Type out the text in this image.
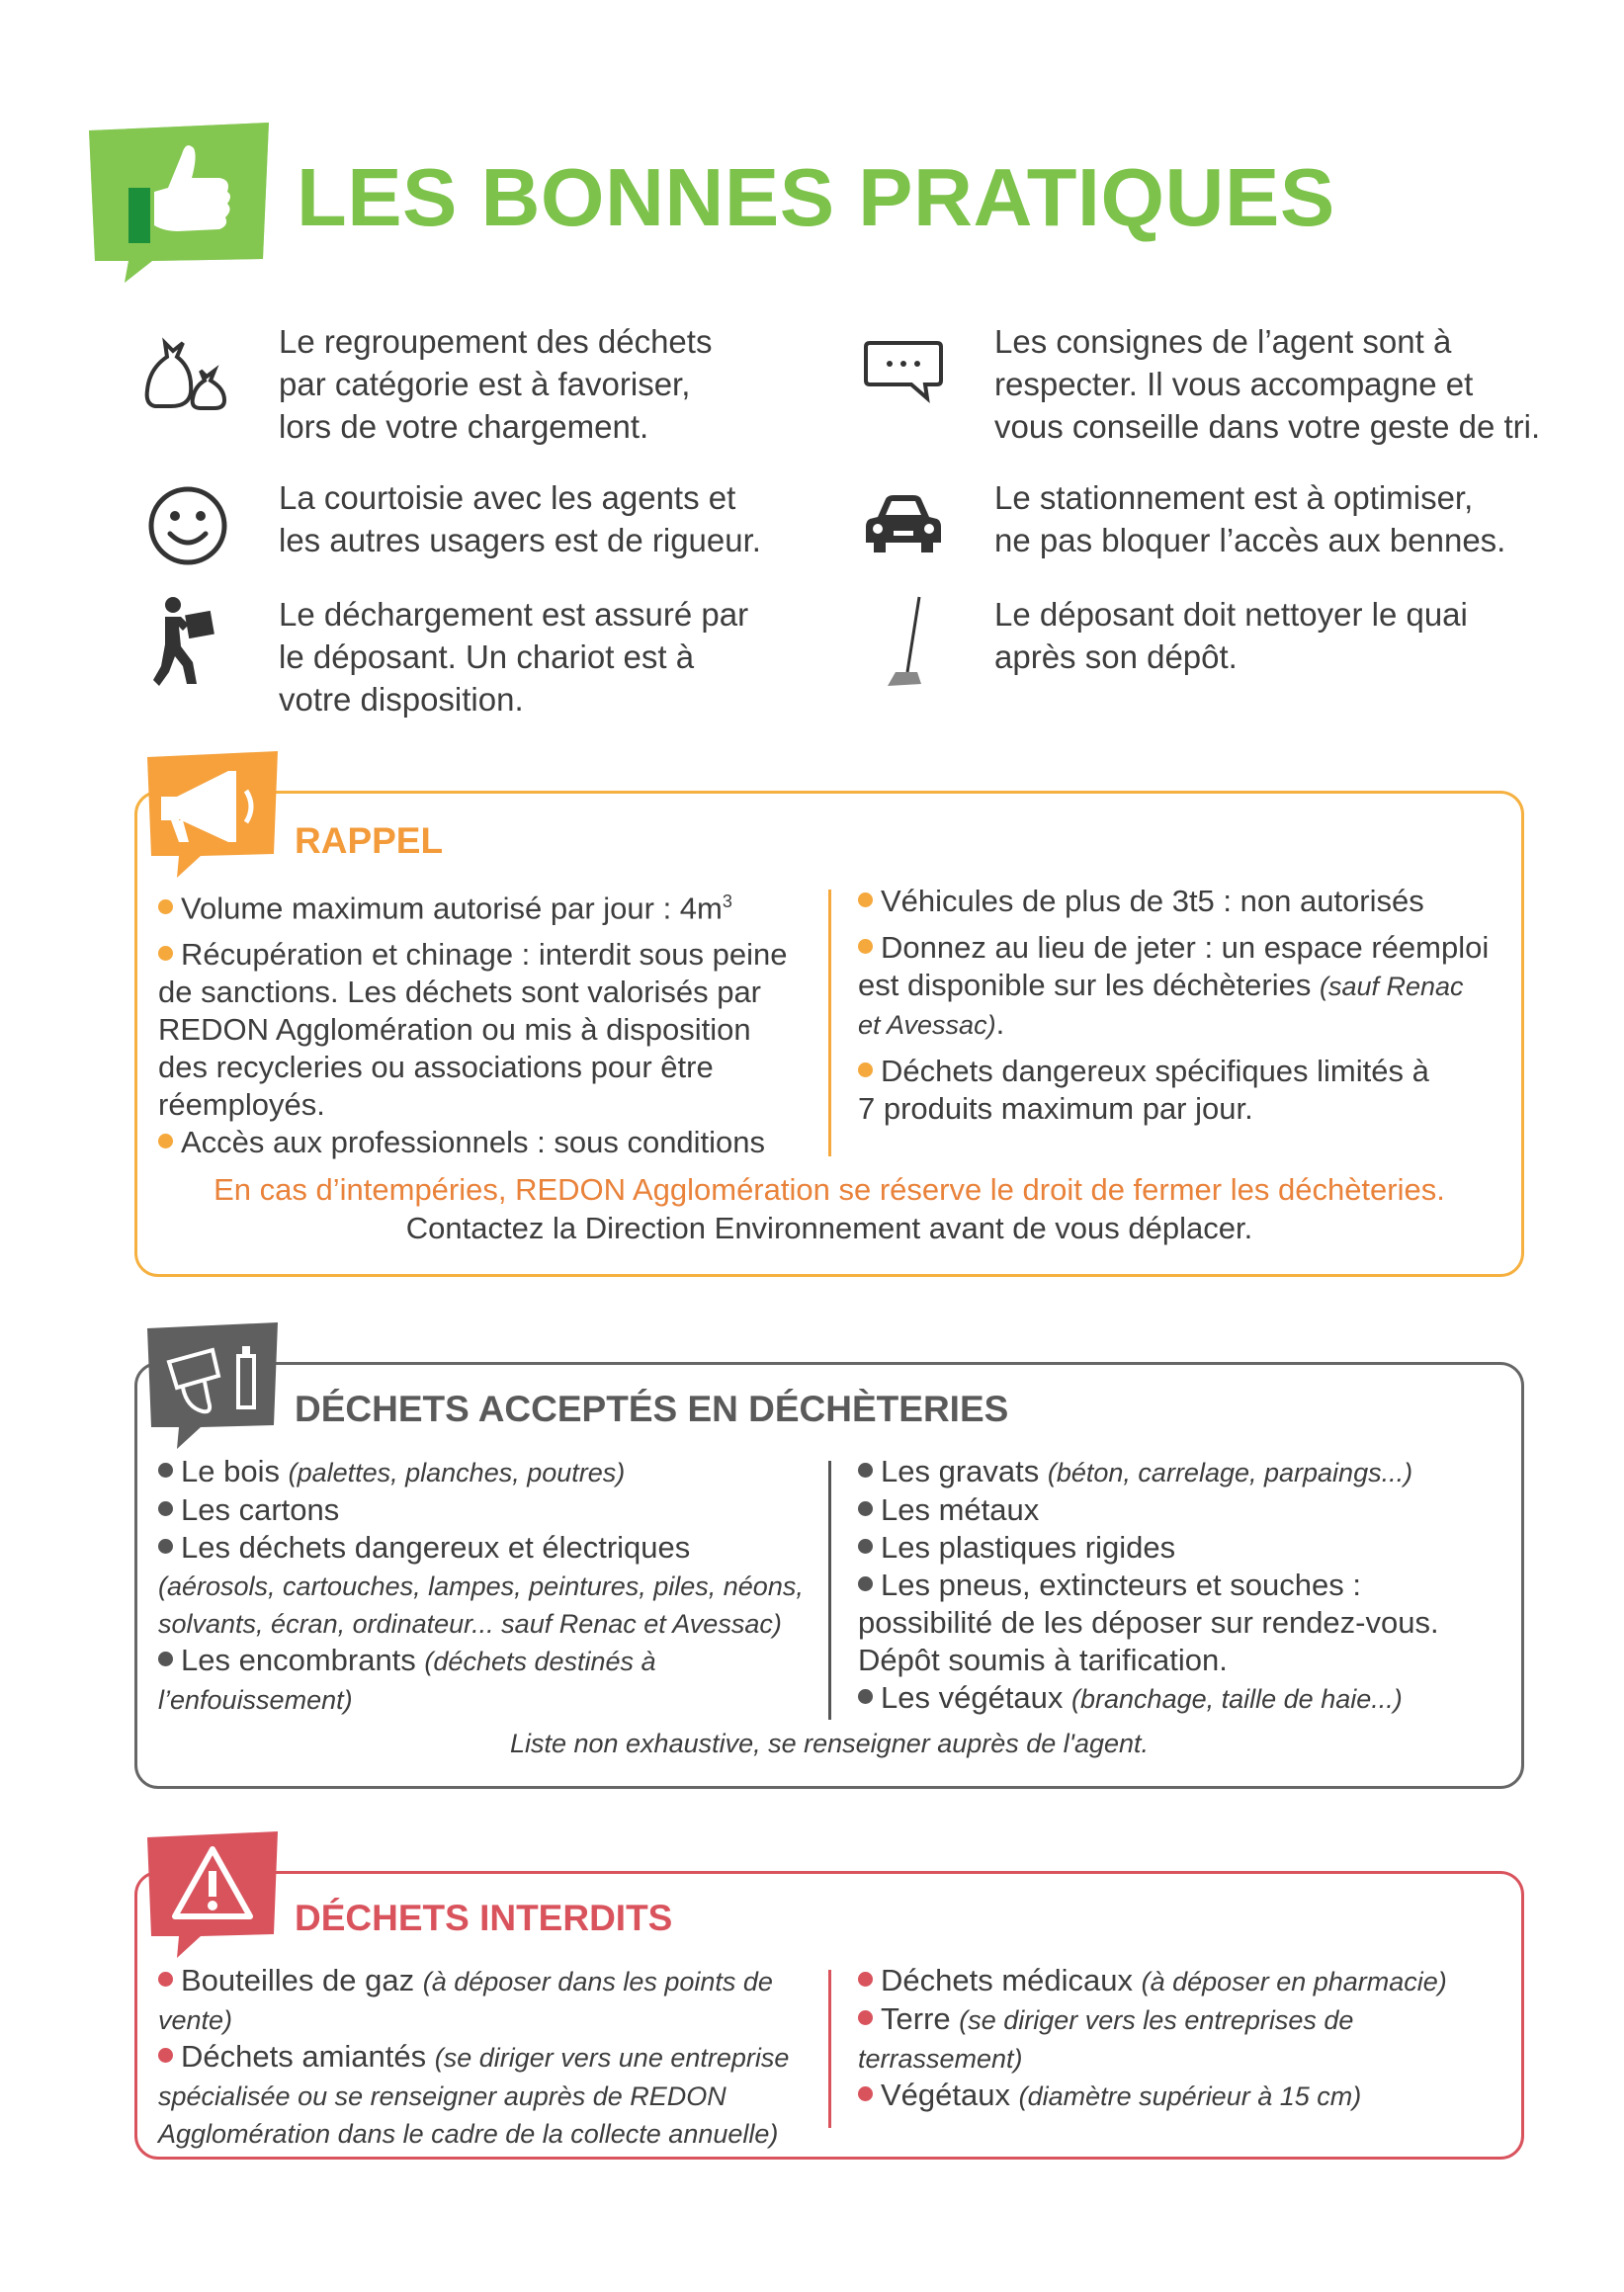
LES BONNES PRATIQUES
Le regroupement des déchets
par catégorie est à favoriser,
lors de votre chargement.
Les consignes de l’agent sont à
respecter. Il vous accompagne et
vous conseille dans votre geste de tri.
La courtoisie avec les agents et
les autres usagers est de rigueur.
Le stationnement est à optimiser,
ne pas bloquer l’accès aux bennes.
Le déchargement est assuré par
le déposant. Un chariot est à
votre disposition.
Le déposant doit nettoyer le quai
après son dépôt.
RAPPEL
Volume maximum autorisé par jour : $4m^3$
Récupération et chinage : interdit sous peine
de sanctions. Les déchets sont valorisés par
REDON Agglomération ou mis à disposition
des recycleries ou associations pour être
réemployés.
Accès aux professionnels : sous conditions
Véhicules de plus de 3t5 : non autorisés
Donnez au lieu de jeter : un espace réemploi
est disponible sur les déchèteries (sauf Renac
et Avessac).
Déchets dangereux spécifiques limités à
7 produits maximum par jour.
En cas d’intempéries, REDON Agglomération se réserve le droit de fermer les déchèteries.
Contactez la Direction Environnement avant de vous déplacer.
DÉCHETS ACCEPTÉS EN DÉCHÈTERIES
Le bois (palettes, planches, poutres)
Les cartons
Les déchets dangereux et électriques
(aérosols, cartouches, lampes, peintures, piles, néons,
solvants, écran, ordinateur... sauf Renac et Avessac)
Les encombrants (déchets destinés à
l’enfouissement)
Les gravats (béton, carrelage, parpaings...)
Les métaux
Les plastiques rigides
Les pneus, extincteurs et souches :
possibilité de les déposer sur rendez-vous.
Dépôt soumis à tarification.
Les végétaux (branchage, taille de haie...)
Liste non exhaustive, se renseigner auprès de l'agent.
DÉCHETS INTERDITS
Bouteilles de gaz (à déposer dans les points de
vente)
Déchets amiantés (se diriger vers une entreprise
spécialisée ou se renseigner auprès de REDON
Agglomération dans le cadre de la collecte annuelle)
Déchets médicaux (à déposer en pharmacie)
Terre (se diriger vers les entreprises de
terrassement)
Végétaux (diamètre supérieur à 15 cm)
